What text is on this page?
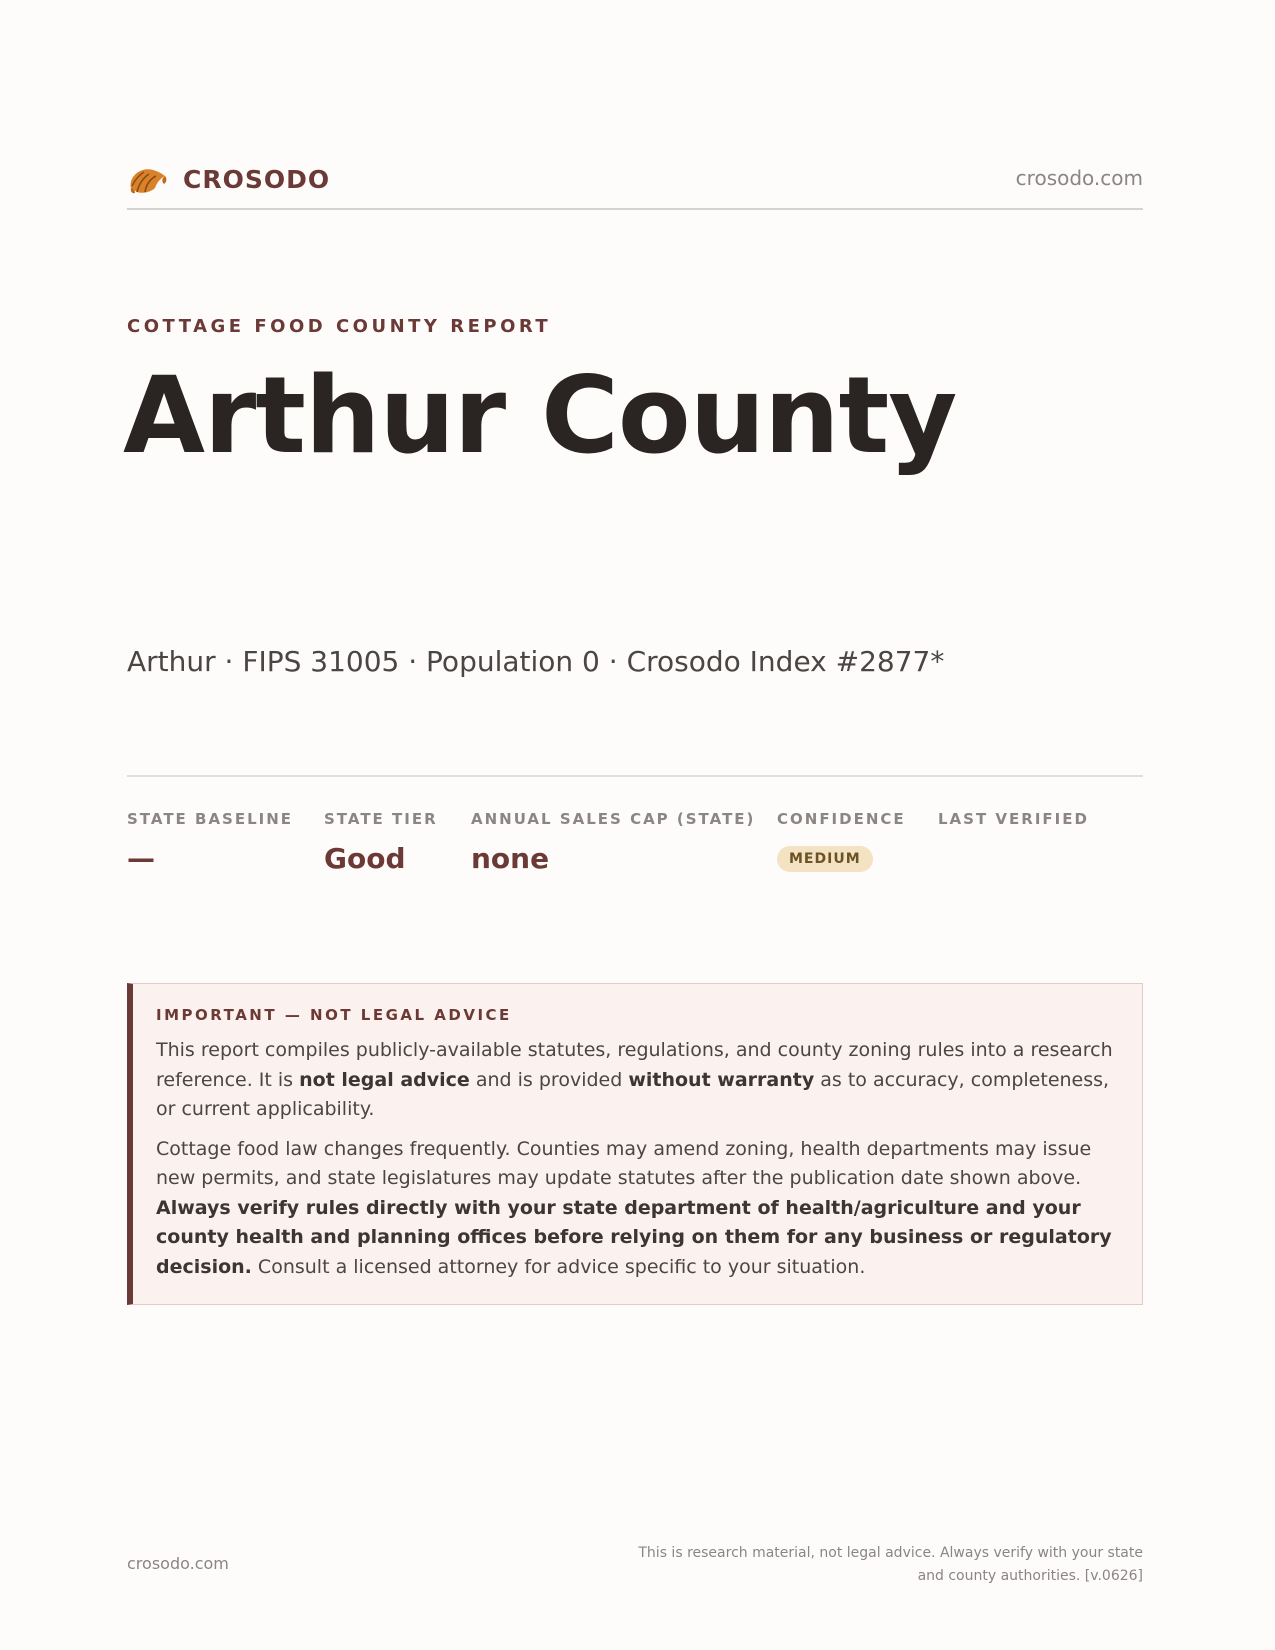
CROSODO	crosodo.com
COTTAGE FOOD COUNTY REPORT
Arthur County
Arthur · FIPS 31005 · Population 0 · Crosodo Index #2877*
STATE BASELINE
—
STATE TIER
Good
ANNUAL SALES CAP (STATE)
none
CONFIDENCE
MEDIUM
LAST VERIFIED
IMPORTANT — NOT LEGAL ADVICE

This report compiles publicly-available statutes, regulations, and county zoning rules into a research reference. It is not legal advice and is provided without warranty as to accuracy, completeness, or current applicability.

Cottage food law changes frequently. Counties may amend zoning, health departments may issue new permits, and state legislatures may update statutes after the publication date shown above. Always verify rules directly with your state department of health/agriculture and your county health and planning offices before relying on them for any business or regulatory decision. Consult a licensed attorney for advice specific to your situation.

crosodo.com
This is research material, not legal advice. Always verify with your state and county authorities. [v.0626]
